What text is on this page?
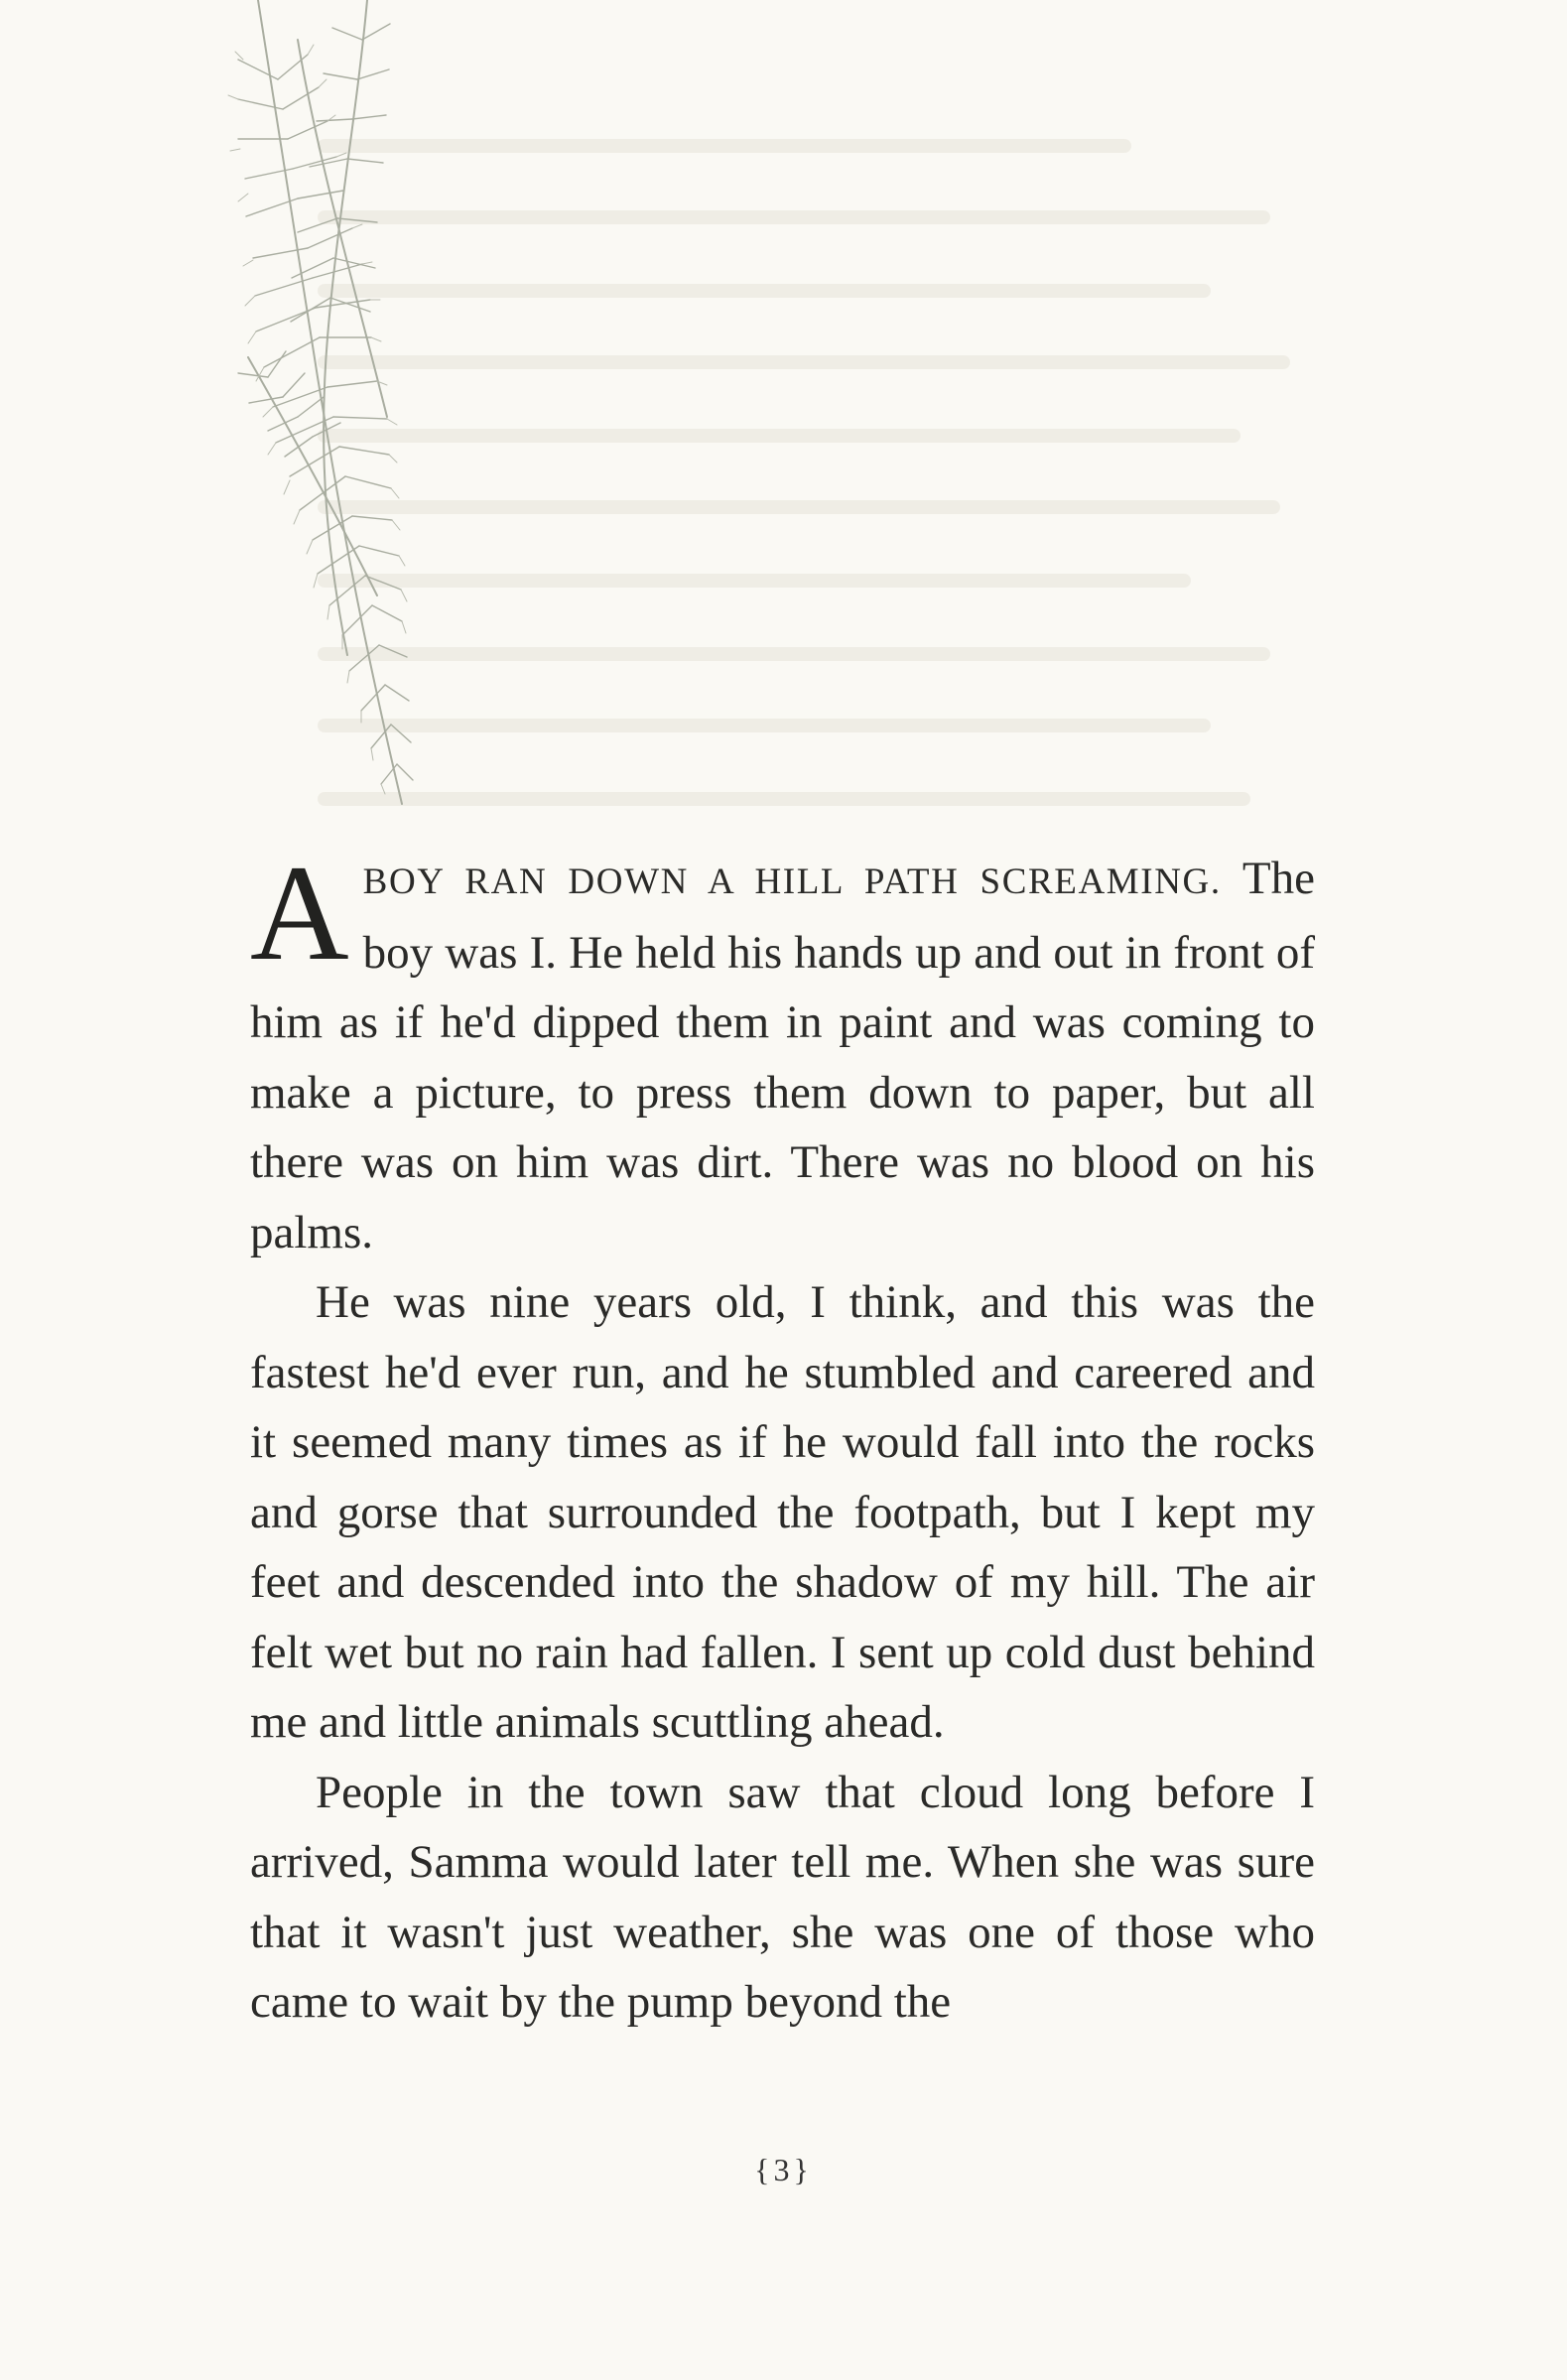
ABOY RAN DOWN A HILL PATH SCREAMING. The boy was I. He held his hands up and out in front of him as if he'd dipped them in paint and was coming to make a picture, to press them down to paper, but all there was on him was dirt. There was no blood on his palms.

He was nine years old, I think, and this was the fastest he'd ever run, and he stumbled and careered and it seemed many times as if he would fall into the rocks and gorse that surrounded the footpath, but I kept my feet and descended into the shadow of my hill. The air felt wet but no rain had fallen. I sent up cold dust behind me and little animals scuttling ahead.

People in the town saw that cloud long before I arrived, Samma would later tell me. When she was sure that it wasn't just weather, she was one of those who came to wait by the pump beyond the

{3}
